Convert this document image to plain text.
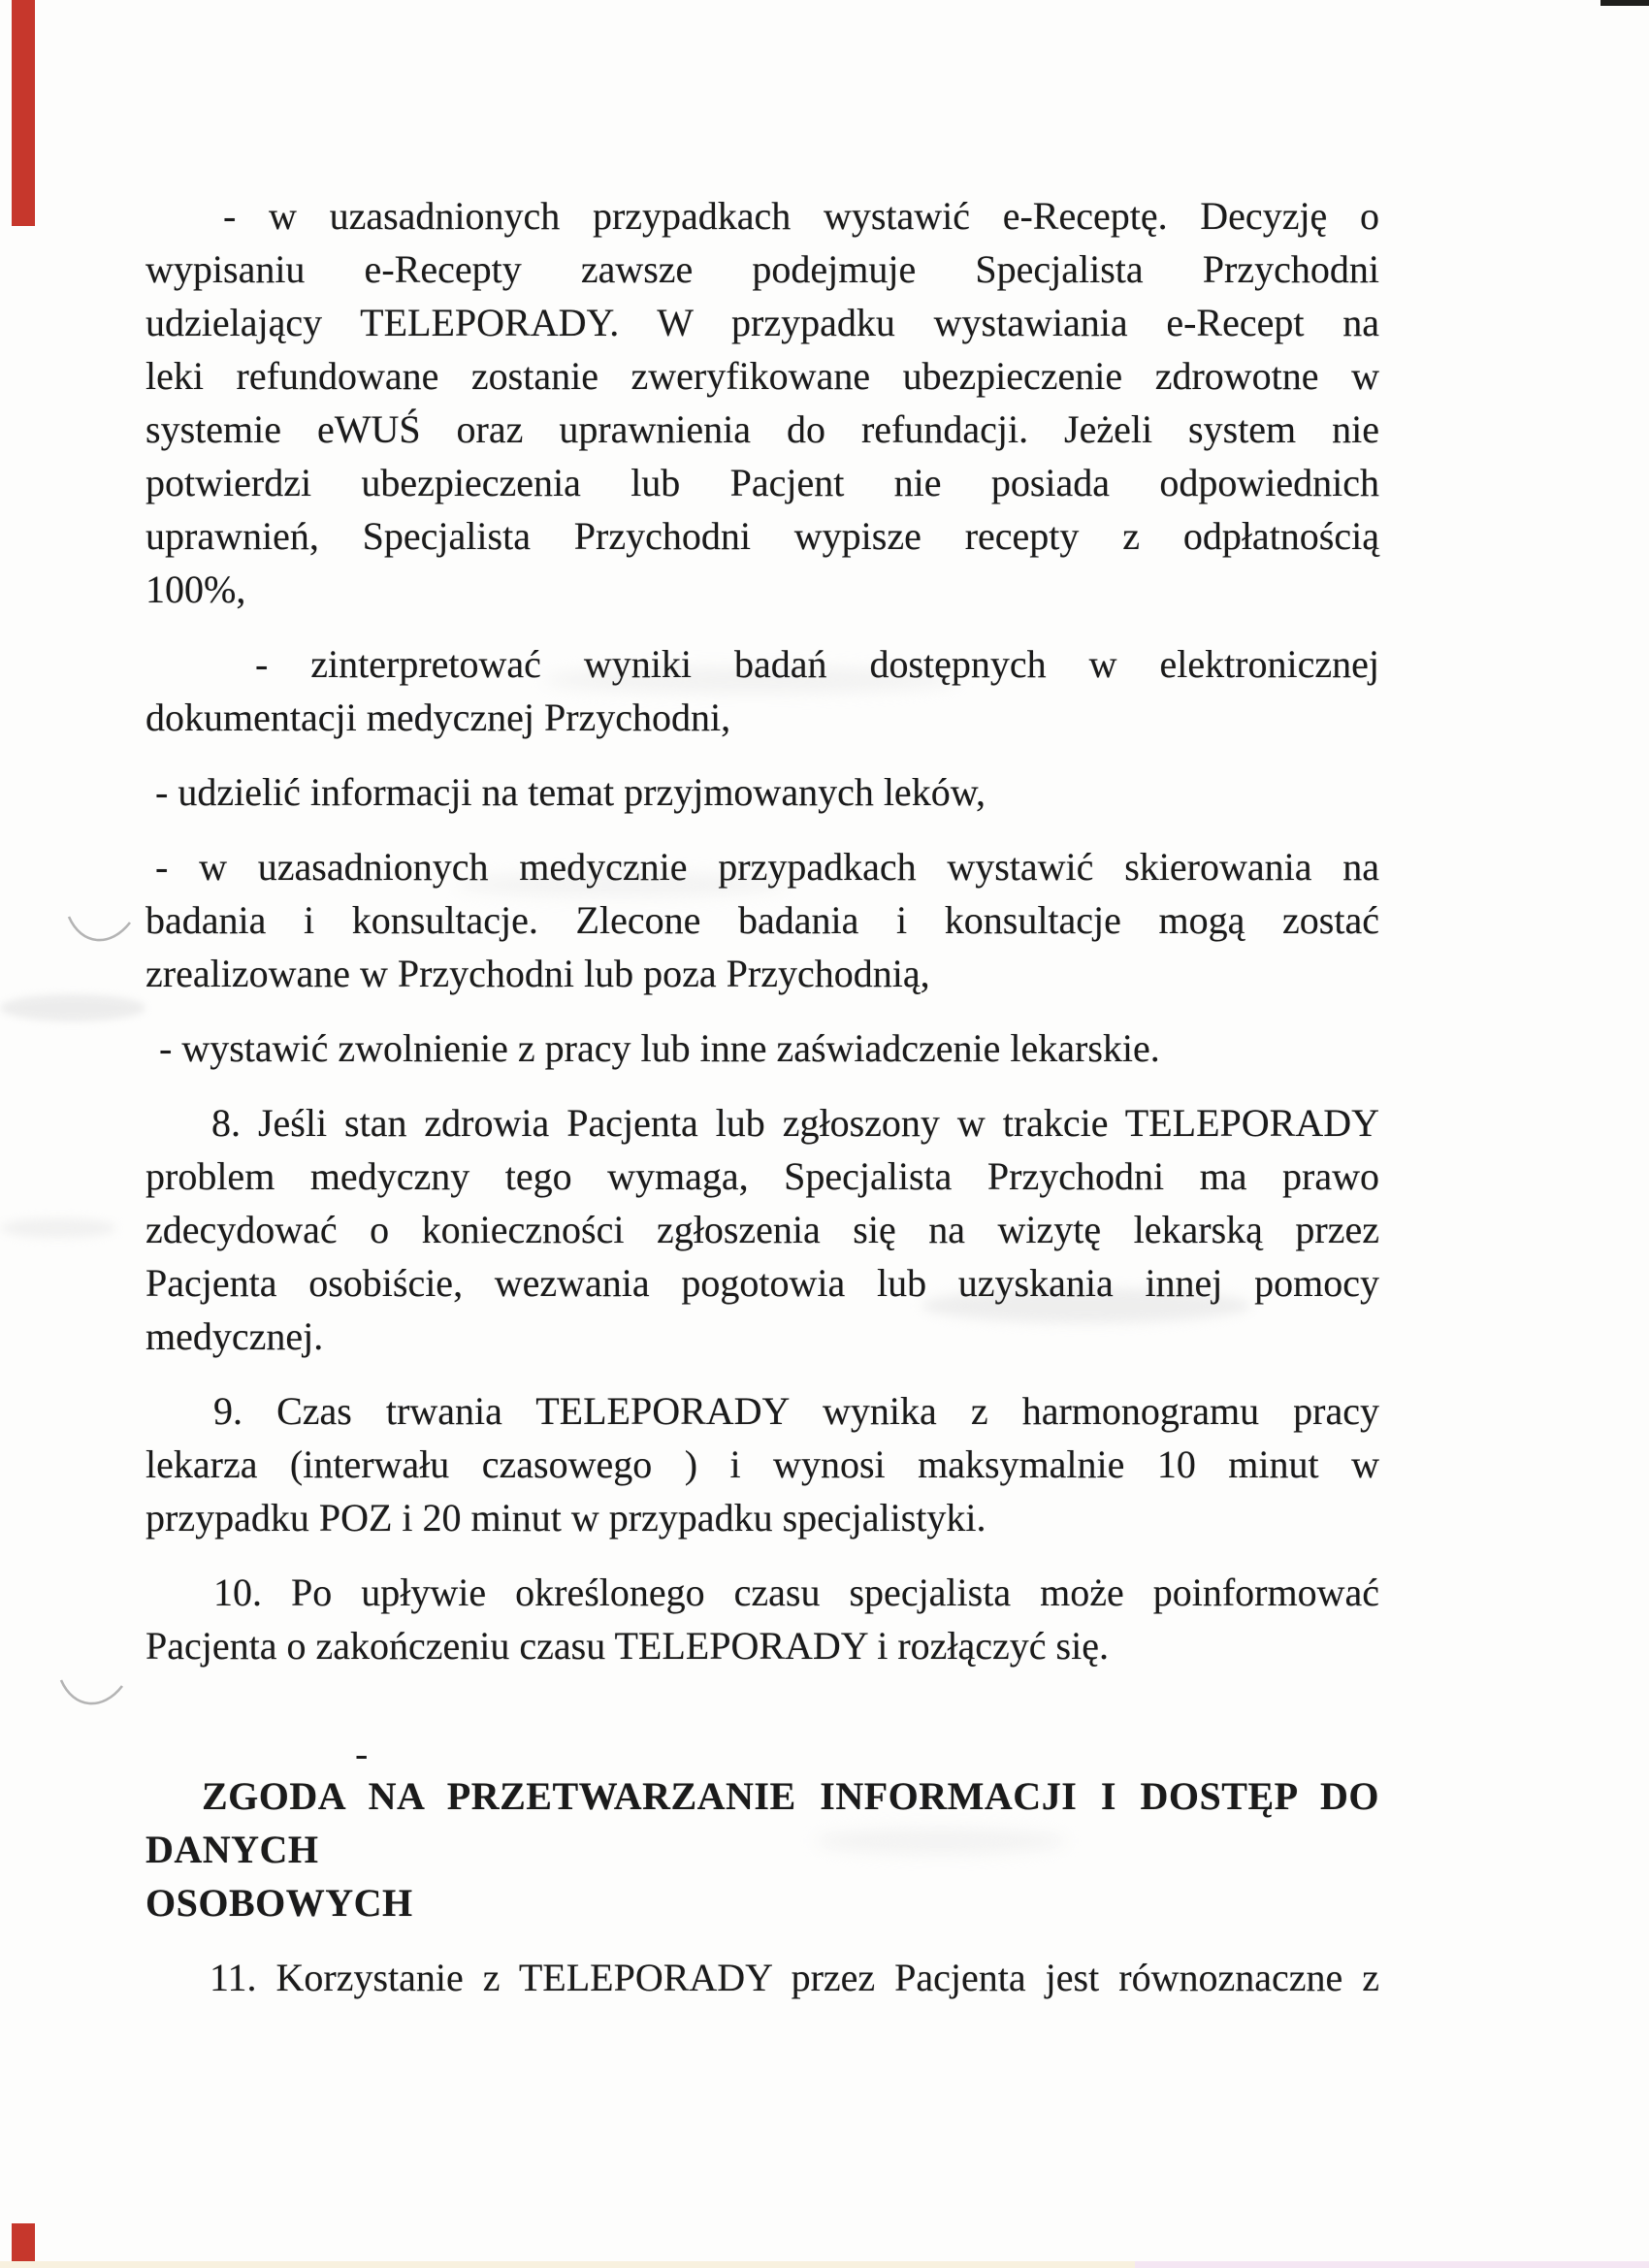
-
- w uzasadnionych przypadkach wystawić e-Receptę. Decyzję o
wypisaniu e-Recepty zawsze podejmuje Specjalista Przychodni
udzielający TELEPORADY. W przypadku wystawiania e-Recept na
leki refundowane zostanie zweryfikowane ubezpieczenie zdrowotne w
systemie eWUŚ oraz uprawnienia do refundacji. Jeżeli system nie
potwierdzi ubezpieczenia lub Pacjent nie posiada odpowiednich
uprawnień, Specjalista Przychodni wypisze recepty z odpłatnością
100%,
- zinterpretować wyniki badań dostępnych w elektronicznej
dokumentacji medycznej Przychodni,
- udzielić informacji na temat przyjmowanych leków,
- w uzasadnionych medycznie przypadkach wystawić skierowania na
badania i konsultacje. Zlecone badania i konsultacje mogą zostać
zrealizowane w Przychodni lub poza Przychodnią,
- wystawić zwolnienie z pracy lub inne zaświadczenie lekarskie.
8. Jeśli stan zdrowia Pacjenta lub zgłoszony w trakcie TELEPORADY
problem medyczny tego wymaga, Specjalista Przychodni ma prawo
zdecydować o konieczności zgłoszenia się na wizytę lekarską przez
Pacjenta osobiście, wezwania pogotowia lub uzyskania innej pomocy
medycznej.
9. Czas trwania TELEPORADY wynika z harmonogramu pracy
lekarza (interwału czasowego ) i wynosi maksymalnie 10 minut w
przypadku POZ i 20 minut w przypadku specjalistyki.
10. Po upływie określonego czasu specjalista może poinformować
Pacjenta o zakończeniu czasu TELEPORADY i rozłączyć się.
ZGODA NA PRZETWARZANIE INFORMACJI I DOSTĘP DO DANYCH
OSOBOWYCH
11. Korzystanie z TELEPORADY przez Pacjenta jest równoznaczne z
